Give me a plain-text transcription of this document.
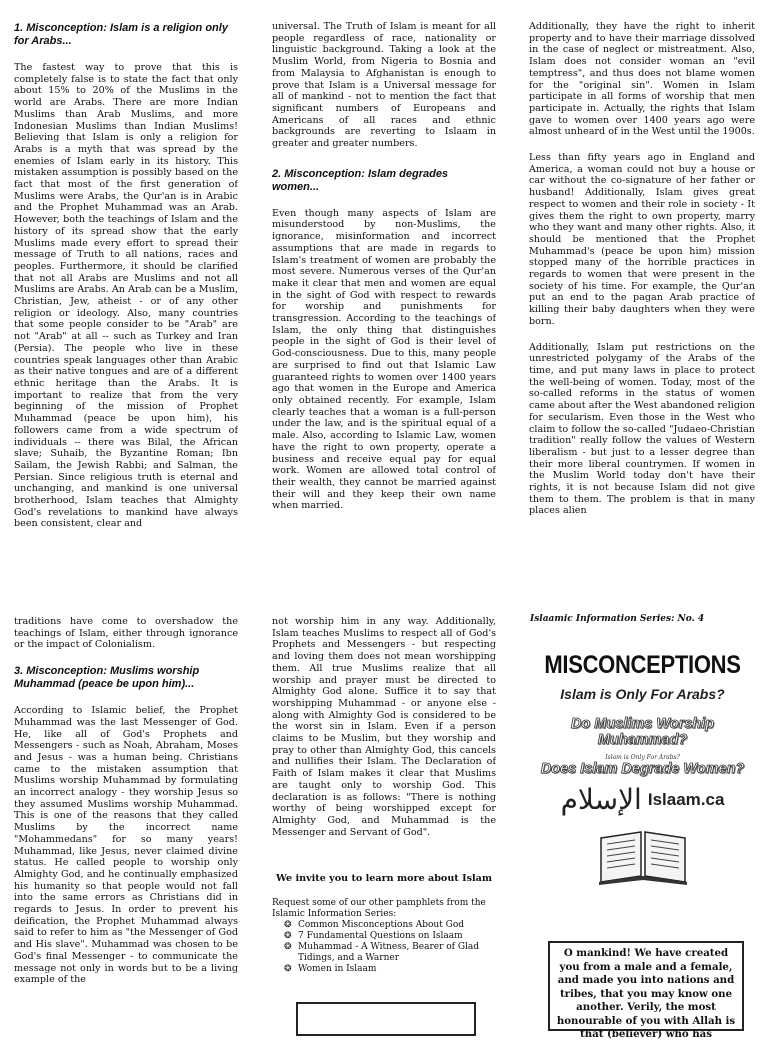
1. Misconception: Islam is a religion only for Arabs...

The fastest way to prove that this is completely false is to state the fact that only about 15% to 20% of the Muslims in the world are Arabs. There are more Indian Muslims than Arab Muslims, and more Indonesian Muslims than Indian Muslims! Believing that Islam is only a religion for Arabs is a myth that was spread by the enemies of Islam early in its history. This mistaken assumption is possibly based on the fact that most of the first generation of Muslims were Arabs, the Qur'an is in Arabic and the Prophet Muhammad was an Arab. However, both the teachings of Islam and the history of its spread show that the early Muslims made every effort to spread their message of Truth to all nations, races and peoples. Furthermore, it should be clarified that not all Arabs are Muslims and not all Muslims are Arabs. An Arab can be a Muslim, Christian, Jew, atheist - or of any other religion or ideology. Also, many countries that some people consider to be "Arab" are not "Arab" at all -- such as Turkey and Iran (Persia). The people who live in these countries speak languages other than Arabic as their native tongues and are of a different ethnic heritage than the Arabs. It is important to realize that from the very beginning of the mission of Prophet Muhammad (peace be upon him), his followers came from a wide spectrum of individuals -- there was Bilal, the African slave; Suhaib, the Byzantine Roman; Ibn Sailam, the Jewish Rabbi; and Salman, the Persian. Since religious truth is eternal and unchanging, and mankind is one universal brotherhood, Islam teaches that Almighty God's revelations to mankind have always been consistent, clear and

universal. The Truth of Islam is meant for all people regardless of race, nationality or linguistic background. Taking a look at the Muslim World, from Nigeria to Bosnia and from Malaysia to Afghanistan is enough to prove that Islam is a Universal message for all of mankind - not to mention the fact that significant numbers of Europeans and Americans of all races and ethnic backgrounds are reverting to Islaam in greater and greater numbers.

2. Misconception: Islam degrades women...

Even though many aspects of Islam are misunderstood by non-Muslims, the ignorance, misinformation and incorrect assumptions that are made in regards to Islam's treatment of women are probably the most severe. Numerous verses of the Qur'an make it clear that men and women are equal in the sight of God with respect to rewards for worship and punishments for transgression. According to the teachings of Islam, the only thing that distinguishes people in the sight of God is their level of God-consciousness. Due to this, many people are surprised to find out that Islamic Law guaranteed rights to women over 1400 years ago that women in the Europe and America only obtained recently. For example, Islam clearly teaches that a woman is a full-person under the law, and is the spiritual equal of a male. Also, according to Islamic Law, women have the right to own property, operate a business and receive equal pay for equal work. Women are allowed total control of their wealth, they cannot be married against their will and they keep their own name when married.

Additionally, they have the right to inherit property and to have their marriage dissolved in the case of neglect or mistreatment. Also, Islam does not consider woman an "evil temptress", and thus does not blame women for the "original sin". Women in Islam participate in all forms of worship that men participate in. Actually, the rights that Islam gave to women over 1400 years ago were almost unheard of in the West until the 1900s.

Less than fifty years ago in England and America, a woman could not buy a house or car without the co-signature of her father or husband! Additionally, Islam gives great respect to women and their role in society - It gives them the right to own property, marry who they want and many other rights. Also, it should be mentioned that the Prophet Muhammad's (peace be upon him) mission stopped many of the horrible practices in regards to women that were present in the society of his time. For example, the Qur'an put an end to the pagan Arab practice of killing their baby daughters when they were born.

Additionally, Islam put restrictions on the unrestricted polygamy of the Arabs of the time, and put many laws in place to protect the well-being of women. Today, most of the so-called reforms in the status of women came about after the West abandoned religion for secularism. Even those in the West who claim to follow the so-called "Judaeo-Christian tradition" really follow the values of Western liberalism - but just to a lesser degree than their more liberal countrymen. If women in the Muslim World today don't have their rights, it is not because Islam did not give them to them. The problem is that in many places alien

traditions have come to overshadow the teachings of Islam, either through ignorance or the impact of Colonialism.

3. Misconception: Muslims worship Muhammad (peace be upon him)...

According to Islamic belief, the Prophet Muhammad was the last Messenger of God. He, like all of God's Prophets and Messengers - such as Noah, Abraham, Moses and Jesus - was a human being. Christians came to the mistaken assumption that Muslims worship Muhammad by formulating an incorrect analogy - they worship Jesus so they assumed Muslims worship Muhammad. This is one of the reasons that they called Muslims by the incorrect name "Mohammedans" for so many years! Muhammad, like Jesus, never claimed divine status. He called people to worship only Almighty God, and he continually emphasized his humanity so that people would not fall into the same errors as Christians did in regards to Jesus. In order to prevent his deification, the Prophet Muhammad always said to refer to him as "the Messenger of God and His slave". Muhammad was chosen to be God's final Messenger - to communicate the message not only in words but to be a living example of the

not worship him in any way. Additionally, Islam teaches Muslims to respect all of God's Prophets and Messengers - but respecting and loving them does not mean worshipping them. All true Muslims realize that all worship and prayer must be directed to Almighty God alone. Suffice it to say that worshipping Muhammad - or anyone else - along with Almighty God is considered to be the worst sin in Islam. Even if a person claims to be Muslim, but they worship and pray to other than Almighty God, this cancels and nullifies their Islam. The Declaration of Faith of Islam makes it clear that Muslims are taught only to worship God. This declaration is as follows: "There is nothing worthy of being worshipped except for Almighty God, and Muhammad is the Messenger and Servant of God".

We invite you to learn more about Islam
Request some of our other pamphlets from the Islamic Information Series:
❂ Common Misconceptions About God
❂ 7 Fundamental Questions on Islaam
❂ Muhammad - A Witness, Bearer of Glad Tidings, and a Warner
❂ Women in Islaam
Islaamic Information Series: No. 4
MISCONCEPTIONS

Islam is Only For Arabs?

Do Muslims Worship Muhammad?

Islam is Only For Arabs?

Does Islam Degrade Women?

الإسلام Islaam.ca
O mankind! We have created you from a male and a female, and made you into nations and tribes, that you may know one another. Verily, the most honourable of you with Allah is that (believer) who has
